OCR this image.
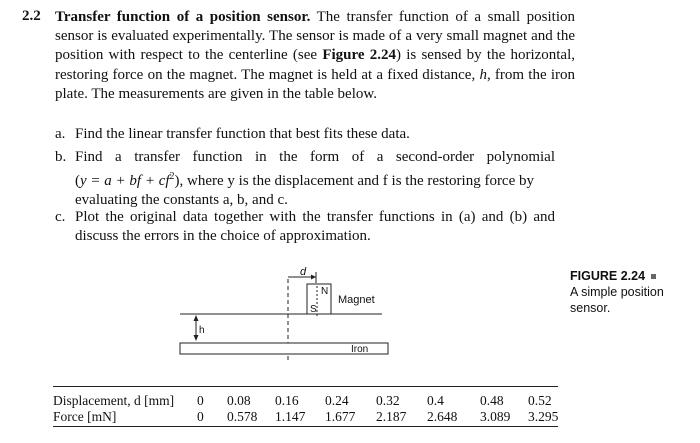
2.2 Transfer function of a position sensor. The transfer function of a small position sensor is evaluated experimentally. The sensor is made of a very small magnet and the position with respect to the centerline (see Figure 2.24) is sensed by the horizontal, restoring force on the magnet. The magnet is held at a fixed distance, h, from the iron plate. The measurements are given in the table below.
a. Find the linear transfer function that best fits these data.
b. Find a transfer function in the form of a second-order polynomial
(y = a + bf + $cf^2$), where y is the displacement and f is the restoring force by
evaluating the constants a, b, and c.
c. Plot the original data together with the transfer functions in (a) and (b) and
discuss the errors in the choice of approximation.
d
N
S
Magnet
h
Iron
FIGURE 2.24
A simple position
sensor.
Displacement, d [mm]	0	0.08	0.16	0.24	0.32	0.4	0.48	0.52
Force [mN]	0	0.578	1.147	1.677	2.187	2.648	3.089	3.295
